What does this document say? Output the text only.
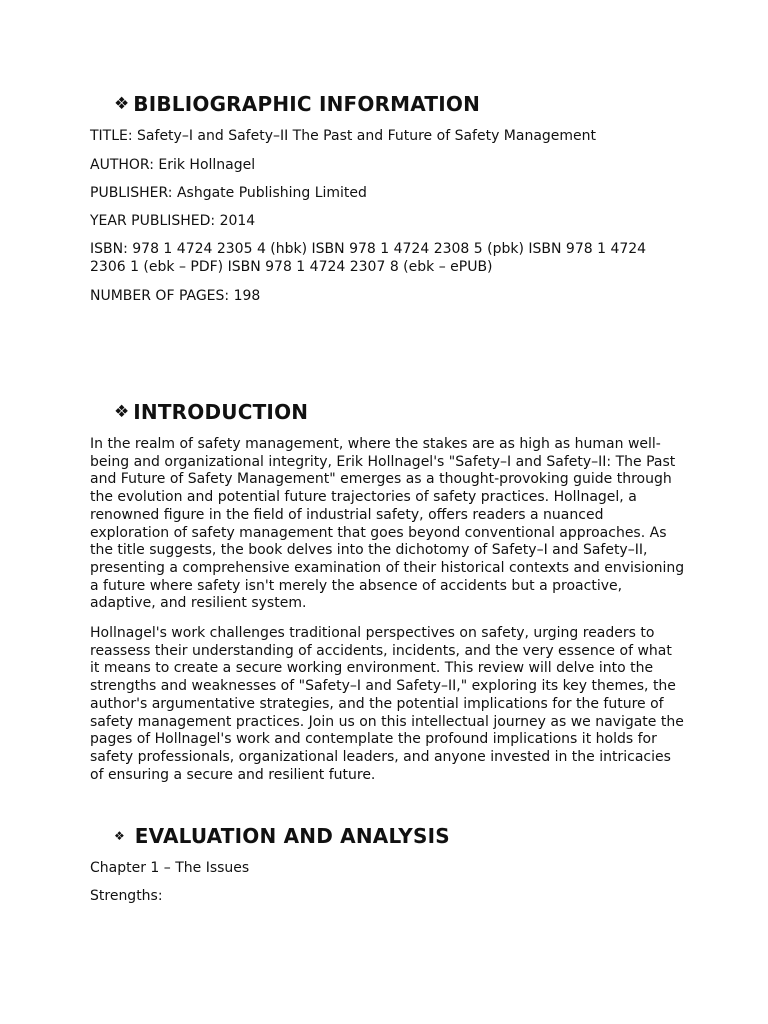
❖ BIBLIOGRAPHIC INFORMATION
TITLE: Safety–I and Safety–II The Past and Future of Safety Management
AUTHOR: Erik Hollnagel
PUBLISHER: Ashgate Publishing Limited
YEAR PUBLISHED: 2014
ISBN: 978 1 4724 2305 4 (hbk) ISBN 978 1 4724 2308 5 (pbk) ISBN 978 1 4724
2306 1 (ebk – PDF) ISBN 978 1 4724 2307 8 (ebk – ePUB)
NUMBER OF PAGES: 198
❖ INTRODUCTION
In the realm of safety management, where the stakes are as high as human well-
being and organizational integrity, Erik Hollnagel's "Safety–I and Safety–II: The Past
and Future of Safety Management" emerges as a thought-provoking guide through
the evolution and potential future trajectories of safety practices. Hollnagel, a
renowned figure in the field of industrial safety, offers readers a nuanced
exploration of safety management that goes beyond conventional approaches. As
the title suggests, the book delves into the dichotomy of Safety–I and Safety–II,
presenting a comprehensive examination of their historical contexts and envisioning
a future where safety isn't merely the absence of accidents but a proactive,
adaptive, and resilient system.
Hollnagel's work challenges traditional perspectives on safety, urging readers to
reassess their understanding of accidents, incidents, and the very essence of what
it means to create a secure working environment. This review will delve into the
strengths and weaknesses of "Safety–I and Safety–II," exploring its key themes, the
author's argumentative strategies, and the potential implications for the future of
safety management practices. Join us on this intellectual journey as we navigate the
pages of Hollnagel's work and contemplate the profound implications it holds for
safety professionals, organizational leaders, and anyone invested in the intricacies
of ensuring a secure and resilient future.
❖ EVALUATION AND ANALYSIS
Chapter 1 – The Issues
Strengths:
